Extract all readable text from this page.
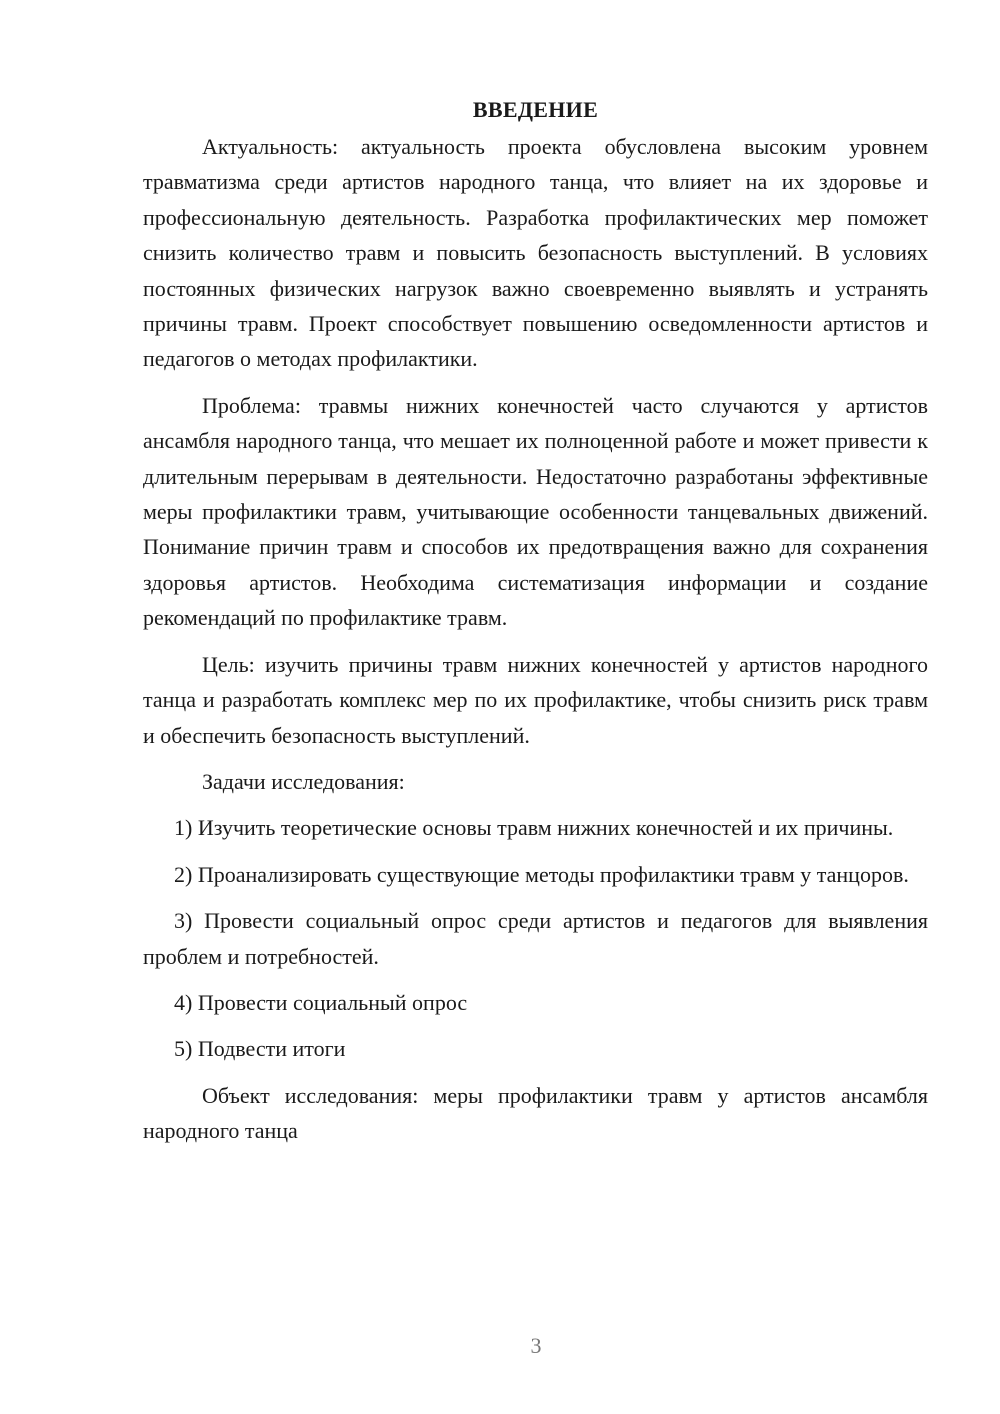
ВВЕДЕНИЕ

Актуальность: актуальность проекта обусловлена высоким уровнем травматизма среди артистов народного танца, что влияет на их здоровье и профессиональную деятельность. Разработка профилактических мер поможет снизить количество травм и повысить безопасность выступлений. В условиях постоянных физических нагрузок важно своевременно выявлять и устранять причины травм. Проект способствует повышению осведомленности артистов и педагогов о методах профилактики.

Проблема: травмы нижних конечностей часто случаются у артистов ансамбля народного танца, что мешает их полноценной работе и может привести к длительным перерывам в деятельности. Недостаточно разработаны эффективные меры профилактики травм, учитывающие особенности танцевальных движений. Понимание причин травм и способов их предотвращения важно для сохранения здоровья артистов. Необходима систематизация информации и создание рекомендаций по профилактике травм.

Цель: изучить причины травм нижних конечностей у артистов народного танца и разработать комплекс мер по их профилактике, чтобы снизить риск травм и обеспечить безопасность выступлений.

Задачи исследования:

1) Изучить теоретические основы травм нижних конечностей и их причины.

2) Проанализировать существующие методы профилактики травм у танцоров.

3) Провести социальный опрос среди артистов и педагогов для выявления проблем и потребностей.

4) Провести социальный опрос

5) Подвести итоги

Объект исследования: меры профилактики травм у артистов ансамбля народного танца

3
